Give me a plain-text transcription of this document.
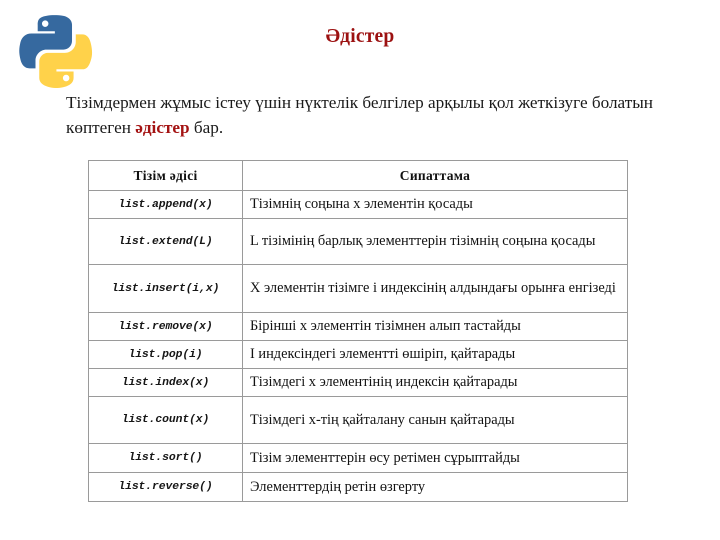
Әдістер
Тізімдермен жұмыс істеу үшін нүктелік белгілер арқылы қол жеткізуге болатын көптеген әдістер бар.
Тізім әдісі	Сипаттама
list.append(x)	Тізімнің соңына x элементін қосады
list.extend(L)	L тізімінің барлық элементтерін тізімнің соңына қосады
list.insert(i,x)	X элементін тізімге i индексінің алдындағы орынға енгізеді
list.remove(x)	Бірінші x элементін тізімнен алып тастайды
list.pop(i)	I индексіндегі элементті өшіріп, қайтарады
list.index(x)	Тізімдегі x элементінің индексін қайтарады
list.count(x)	Тізімдегі x-тің қайталану санын қайтарады
list.sort()	Тізім элементтерін өсу ретімен сұрыптайды
list.reverse()	Элементтердің ретін өзгерту
